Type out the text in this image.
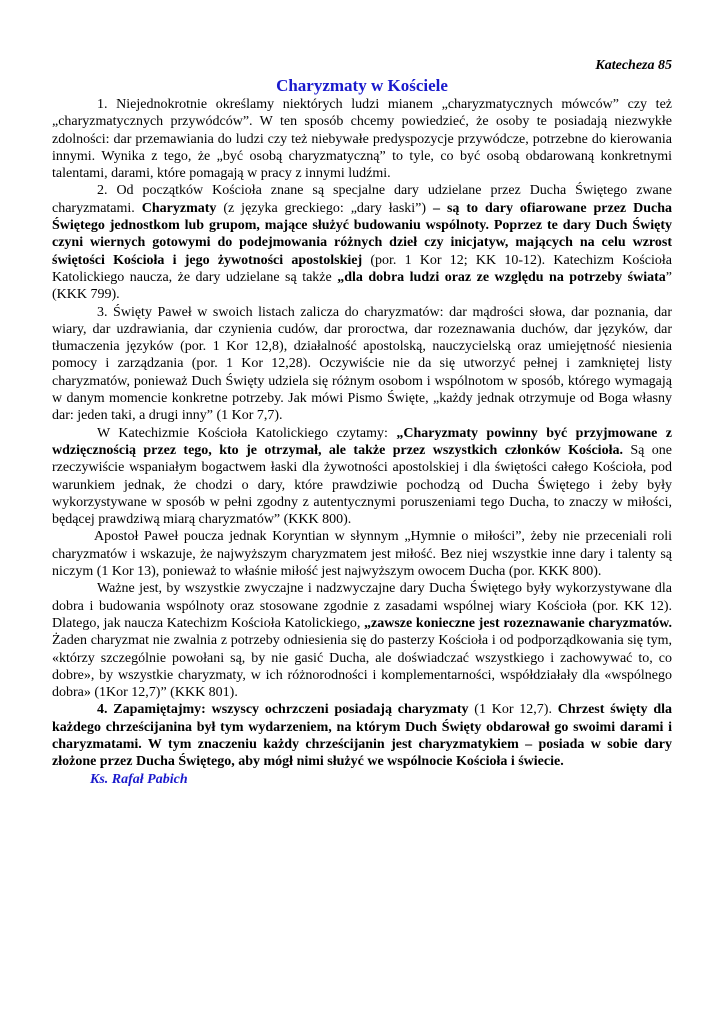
Katecheza 85
Charyzmaty w Kościele

1. Niejednokrotnie określamy niektórych ludzi mianem „charyzmatycznych mówców” czy też „charyzmatycznych przywódców”. W ten sposób chcemy powiedzieć, że osoby te posiadają niezwykłe zdolności: dar przemawiania do ludzi czy też niebywałe predyspozycje przywódcze, potrzebne do kierowania innymi. Wynika z tego, że „być osobą charyzmatyczną” to tyle, co być osobą obdarowaną konkretnymi talentami, darami, które pomagają w pracy z innymi ludźmi.

2. Od początków Kościoła znane są specjalne dary udzielane przez Ducha Świętego zwane charyzmatami. Charyzmaty (z języka greckiego: „dary łaski”) – są to dary ofiarowane przez Ducha Świętego jednostkom lub grupom, mające służyć budowaniu wspólnoty. Poprzez te dary Duch Święty czyni wiernych gotowymi do podejmowania różnych dzieł czy inicjatyw, mających na celu wzrost świętości Kościoła i jego żywotności apostolskiej (por. 1 Kor 12; KK 10-12). Katechizm Kościoła Katolickiego naucza, że dary udzielane są także „dla dobra ludzi oraz ze względu na potrzeby świata” (KKK 799).

3. Święty Paweł w swoich listach zalicza do charyzmatów: dar mądrości słowa, dar poznania, dar wiary, dar uzdrawiania, dar czynienia cudów, dar proroctwa, dar rozeznawania duchów, dar języków, dar tłumaczenia języków (por. 1 Kor 12,8), działalność apostolską, nauczycielską oraz umiejętność niesienia pomocy i zarządzania (por. 1 Kor 12,28). Oczywiście nie da się utworzyć pełnej i zamkniętej listy charyzmatów, ponieważ Duch Święty udziela się różnym osobom i wspólnotom w sposób, którego wymagają w danym momencie konkretne potrzeby. Jak mówi Pismo Święte, „każdy jednak otrzymuje od Boga własny dar: jeden taki, a drugi inny” (1 Kor 7,7).

W Katechizmie Kościoła Katolickiego czytamy: „Charyzmaty powinny być przyjmowane z wdzięcznością przez tego, kto je otrzymał, ale także przez wszystkich członków Kościoła. Są one rzeczywiście wspaniałym bogactwem łaski dla żywotności apostolskiej i dla świętości całego Kościoła, pod warunkiem jednak, że chodzi o dary, które prawdziwie pochodzą od Ducha Świętego i żeby były wykorzystywane w sposób w pełni zgodny z autentycznymi poruszeniami tego Ducha, to znaczy w miłości, będącej prawdziwą miarą charyzmatów” (KKK 800).

Apostoł Paweł poucza jednak Koryntian w słynnym „Hymnie o miłości”, żeby nie przeceniali roli charyzmatów i wskazuje, że najwyższym charyzmatem jest miłość. Bez niej wszystkie inne dary i talenty są niczym (1 Kor 13), ponieważ to właśnie miłość jest najwyższym owocem Ducha (por. KKK 800).

Ważne jest, by wszystkie zwyczajne i nadzwyczajne dary Ducha Świętego były wykorzystywane dla dobra i budowania wspólnoty oraz stosowane zgodnie z zasadami wspólnej wiary Kościoła (por. KK 12). Dlatego, jak naucza Katechizm Kościoła Katolickiego, „zawsze konieczne jest rozeznawanie charyzmatów. Żaden charyzmat nie zwalnia z potrzeby odniesienia się do pasterzy Kościoła i od podporządkowania się tym, «którzy szczególnie powołani są, by nie gasić Ducha, ale doświadczać wszystkiego i zachowywać to, co dobre», by wszystkie charyzmaty, w ich różnorodności i komplementarności, współdziałały dla «wspólnego dobra» (1Kor 12,7)” (KKK 801).

4. Zapamiętajmy: wszyscy ochrzczeni posiadają charyzmaty (1 Kor 12,7). Chrzest święty dla każdego chrześcijanina był tym wydarzeniem, na którym Duch Święty obdarował go swoimi darami i charyzmatami. W tym znaczeniu każdy chrześcijanin jest charyzmatykiem – posiada w sobie dary złożone przez Ducha Świętego, aby mógł nimi służyć we wspólnocie Kościoła i świecie.

Ks. Rafał Pabich
